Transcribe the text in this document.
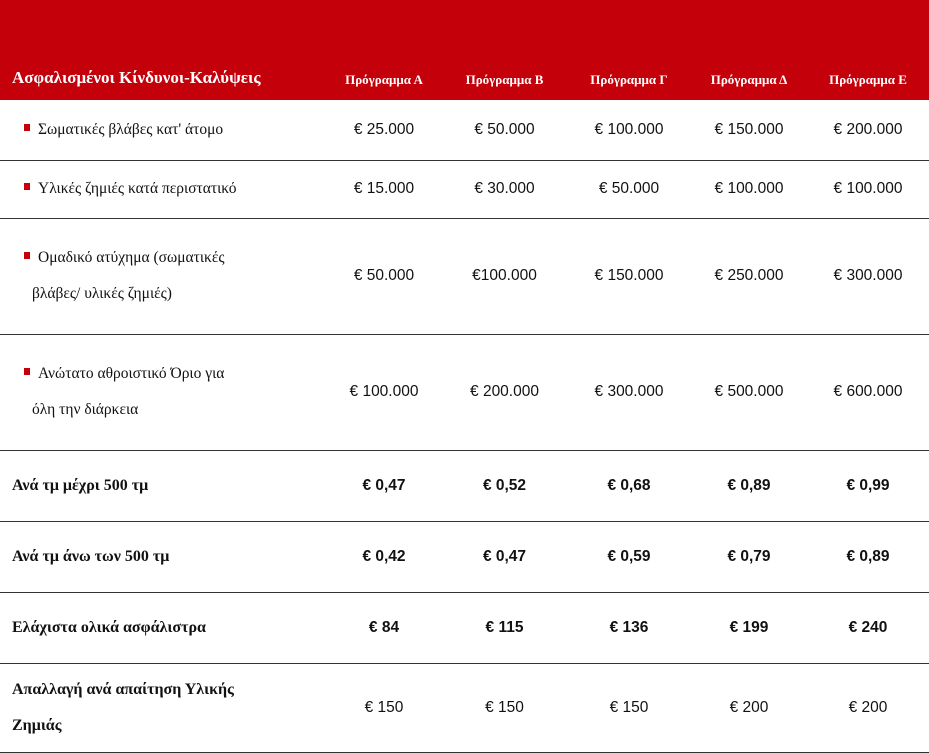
Ασφαλισμένοι Κίνδυνοι-Καλύψεις	Πρόγραμμα Α	Πρόγραμμα Β	Πρόγραμμα Γ	Πρόγραμμα Δ	Πρόγραμμα Ε
Σωματικές βλάβες κατ' άτομο	€ 25.000	€ 50.000	€ 100.000	€ 150.000	€ 200.000
Υλικές ζημιές κατά περιστατικό	€ 15.000	€ 30.000	€ 50.000	€ 100.000	€ 100.000
Ομαδικό ατύχημα (σωματικές

βλάβες/ υλικές ζημιές)	€ 50.000	€100.000	€ 150.000	€ 250.000	€ 300.000
Ανώτατο αθροιστικό Όριο για

όλη την διάρκεια	€ 100.000	€ 200.000	€ 300.000	€ 500.000	€ 600.000
Ανά τμ μέχρι 500 τμ	€ 0,47	€ 0,52	€ 0,68	€ 0,89	€ 0,99
Ανά τμ άνω των 500 τμ	€ 0,42	€ 0,47	€ 0,59	€ 0,79	€ 0,89
Ελάχιστα ολικά ασφάλιστρα	€ 84	€ 115	€ 136	€ 199	€ 240
Απαλλαγή ανά απαίτηση Υλικής

Ζημιάς	€ 150	€ 150	€ 150	€ 200	€ 200
